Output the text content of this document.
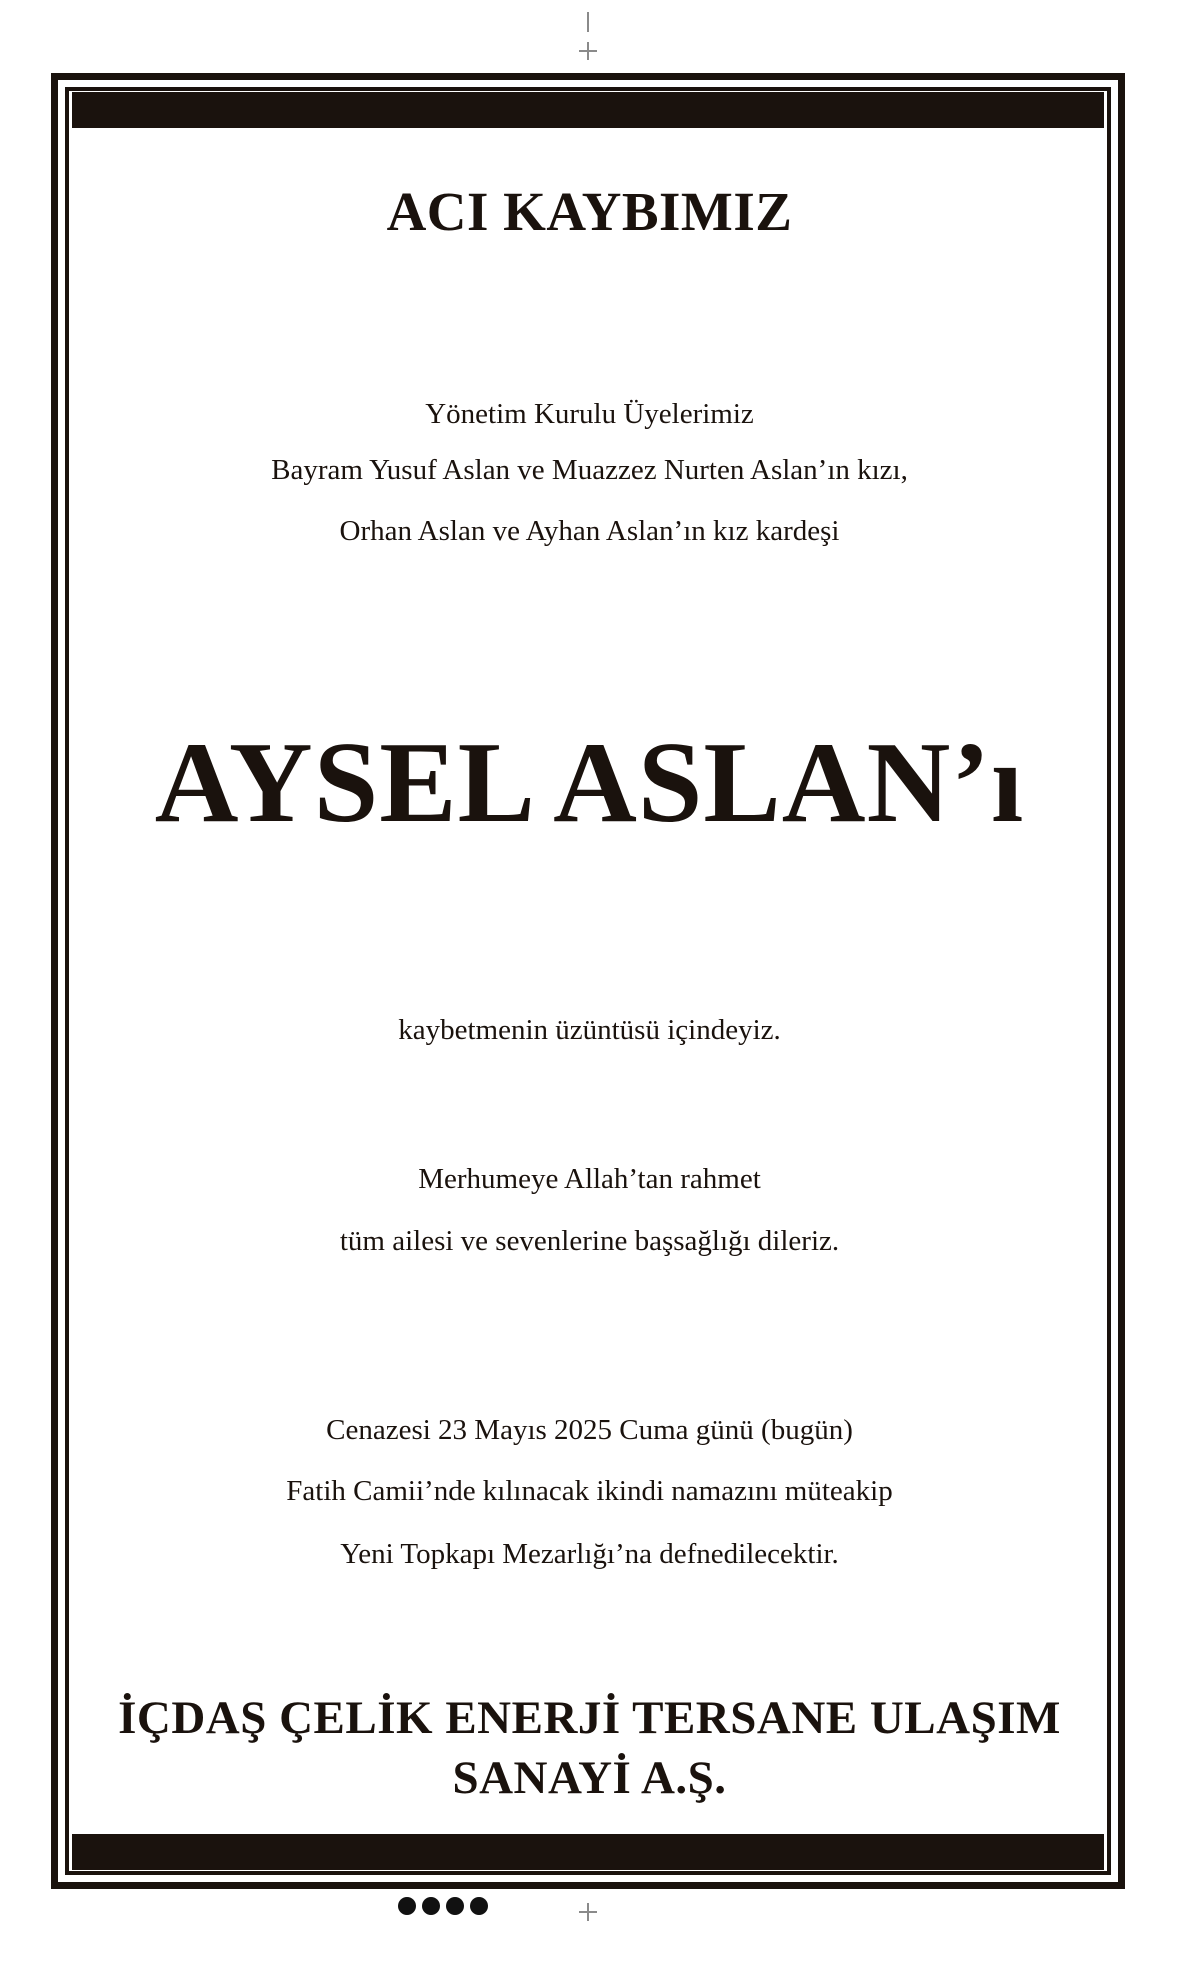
ACI KAYBIMIZ
Yönetim Kurulu Üyelerimiz
Bayram Yusuf Aslan ve Muazzez Nurten Aslan’ın kızı,
Orhan Aslan ve Ayhan Aslan’ın kız kardeşi
AYSEL ASLAN’ı
kaybetmenin üzüntüsü içindeyiz.
Merhumeye Allah’tan rahmet
tüm ailesi ve sevenlerine başsağlığı dileriz.
Cenazesi 23 Mayıs 2025 Cuma günü (bugün)
Fatih Camii’nde kılınacak ikindi namazını müteakip
Yeni Topkapı Mezarlığı’na defnedilecektir.
İÇDAŞ ÇELİK ENERJİ TERSANE ULAŞIM
SANAYİ A.Ş.
